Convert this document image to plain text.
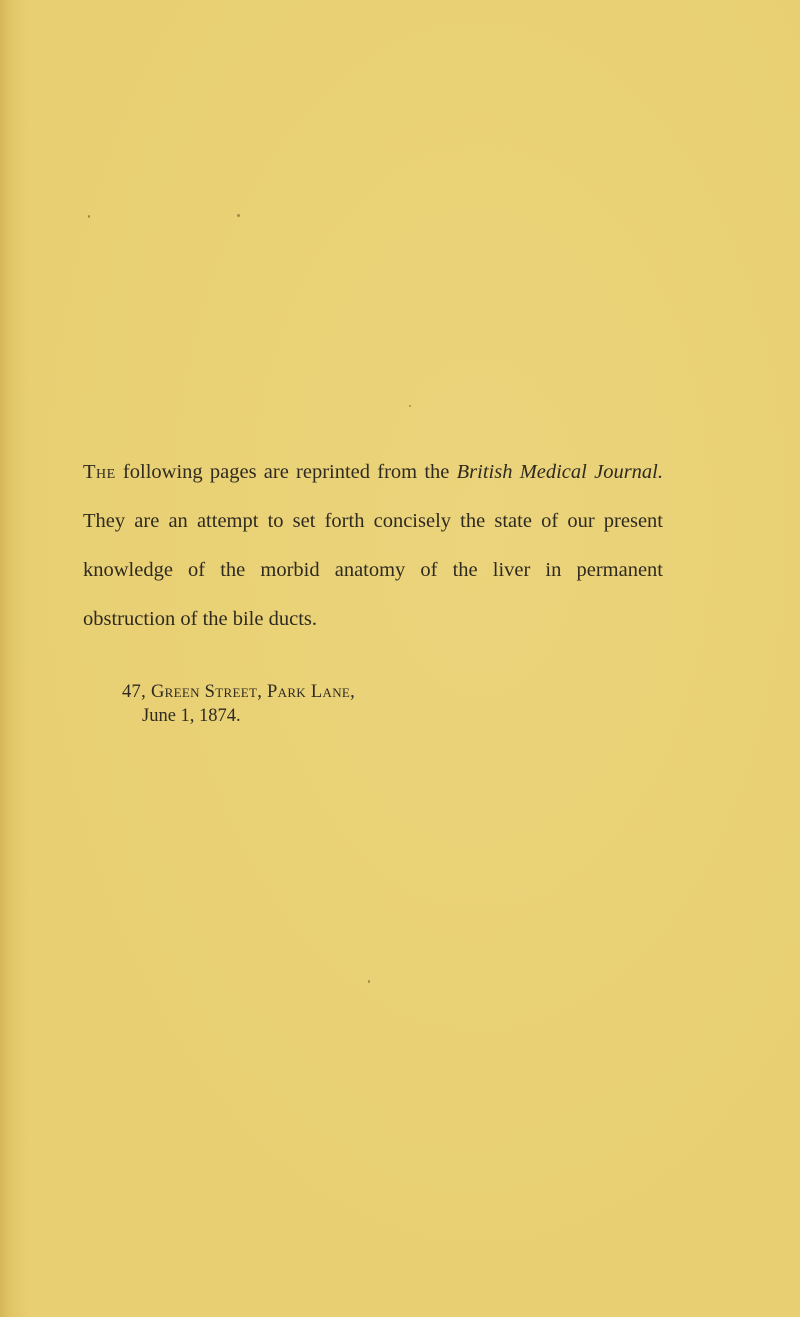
The following pages are reprinted from the British Medical Journal. They are an attempt to set forth concisely the state of our present knowledge of the morbid anatomy of the liver in permanent obstruction of the bile ducts.

47, Green Street, Park Lane,
June 1, 1874.
